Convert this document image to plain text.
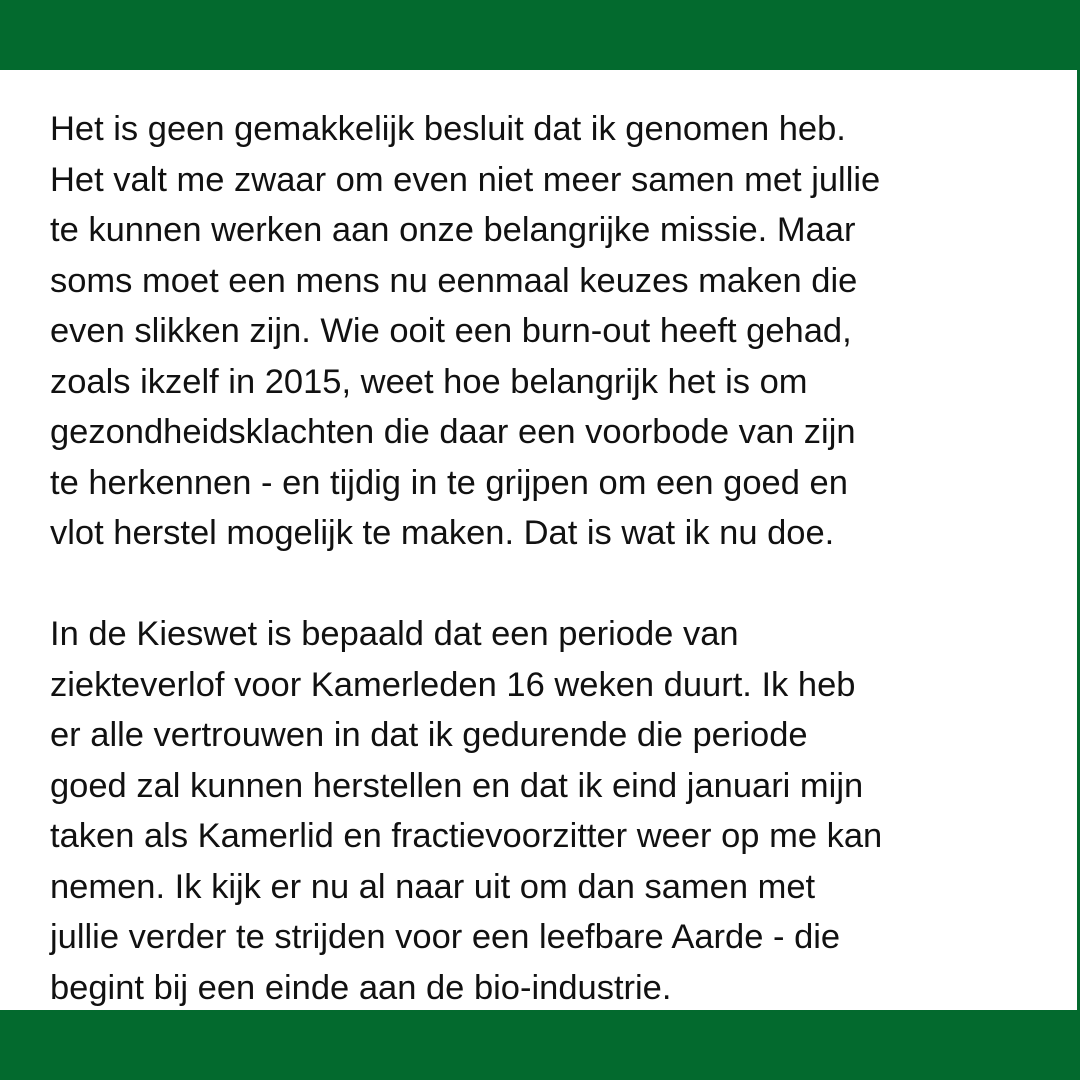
Het is geen gemakkelijk besluit dat ik genomen heb.
Het valt me zwaar om even niet meer samen met jullie
te kunnen werken aan onze belangrijke missie. Maar
soms moet een mens nu eenmaal keuzes maken die
even slikken zijn. Wie ooit een burn-out heeft gehad,
zoals ikzelf in 2015, weet hoe belangrijk het is om
gezondheidsklachten die daar een voorbode van zijn
te herkennen - en tijdig in te grijpen om een goed en
vlot herstel mogelijk te maken. Dat is wat ik nu doe.

In de Kieswet is bepaald dat een periode van
ziekteverlof voor Kamerleden 16 weken duurt. Ik heb
er alle vertrouwen in dat ik gedurende die periode
goed zal kunnen herstellen en dat ik eind januari mijn
taken als Kamerlid en fractievoorzitter weer op me kan
nemen. Ik kijk er nu al naar uit om dan samen met
jullie verder te strijden voor een leefbare Aarde - die
begint bij een einde aan de bio-industrie.
